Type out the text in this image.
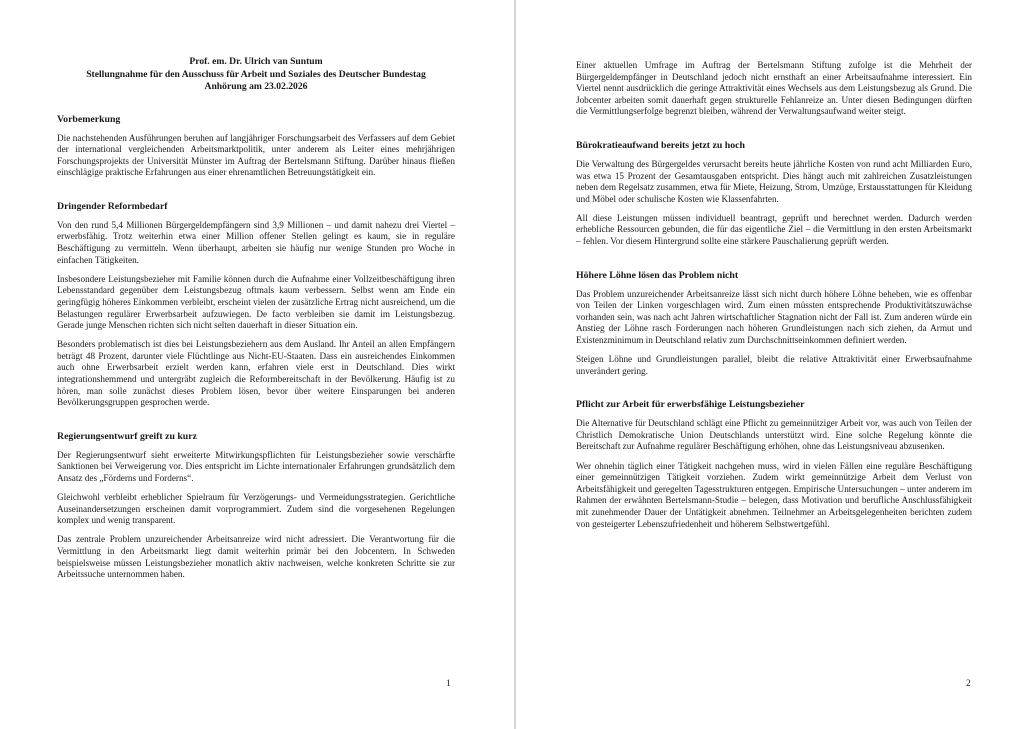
Prof. em. Dr. Ulrich van Suntum
Stellungnahme für den Ausschuss für Arbeit und Soziales des Deutscher Bundestag
Anhörung am 23.02.2026
Vorbemerkung

Die nachstehenden Ausführungen beruhen auf langjähriger Forschungsarbeit des Verfassers auf dem Gebiet der international vergleichenden Arbeitsmarktpolitik, unter anderem als Leiter eines mehrjährigen Forschungsprojekts der Universität Münster im Auftrag der Bertelsmann Stiftung. Darüber hinaus fließen einschlägige praktische Erfahrungen aus einer ehrenamtlichen Betreuungstätigkeit ein.

Dringender Reformbedarf

Von den rund 5,4 Millionen Bürgergeldempfängern sind 3,9 Millionen – und damit nahezu drei Viertel – erwerbsfähig. Trotz weiterhin etwa einer Million offener Stellen gelingt es kaum, sie in reguläre Beschäftigung zu vermitteln. Wenn überhaupt, arbeiten sie häufig nur wenige Stunden pro Woche in einfachen Tätigkeiten.

Insbesondere Leistungsbezieher mit Familie können durch die Aufnahme einer Vollzeitbeschäftigung ihren Lebensstandard gegenüber dem Leistungsbezug oftmals kaum verbessern. Selbst wenn am Ende ein geringfügig höheres Einkommen verbleibt, erscheint vielen der zusätzliche Ertrag nicht ausreichend, um die Belastungen regulärer Erwerbsarbeit aufzuwiegen. De facto verbleiben sie damit im Leistungsbezug. Gerade junge Menschen richten sich nicht selten dauerhaft in dieser Situation ein.

Besonders problematisch ist dies bei Leistungsbeziehern aus dem Ausland. Ihr Anteil an allen Empfängern beträgt 48 Prozent, darunter viele Flüchtlinge aus Nicht-EU-Staaten. Dass ein ausreichendes Einkommen auch ohne Erwerbsarbeit erzielt werden kann, erfahren viele erst in Deutschland. Dies wirkt integrationshemmend und untergräbt zugleich die Reformbereitschaft in der Bevölkerung. Häufig ist zu hören, man solle zunächst dieses Problem lösen, bevor über weitere Einsparungen bei anderen Bevölkerungsgruppen gesprochen werde.

Regierungsentwurf greift zu kurz

Der Regierungsentwurf sieht erweiterte Mitwirkungspflichten für Leistungsbezieher sowie verschärfte Sanktionen bei Verweigerung vor. Dies entspricht im Lichte internationaler Erfahrungen grundsätzlich dem Ansatz des „Förderns und Forderns“.

Gleichwohl verbleibt erheblicher Spielraum für Verzögerungs- und Vermeidungsstrategien. Gerichtliche Auseinandersetzungen erscheinen damit vorprogrammiert. Zudem sind die vorgesehenen Regelungen komplex und wenig transparent.

Das zentrale Problem unzureichender Arbeitsanreize wird nicht adressiert. Die Verantwortung für die Vermittlung in den Arbeitsmarkt liegt damit weiterhin primär bei den Jobcentern. In Schweden beispielsweise müssen Leistungsbezieher monatlich aktiv nachweisen, welche konkreten Schritte sie zur Arbeitssuche unternommen haben.

1

Einer aktuellen Umfrage im Auftrag der Bertelsmann Stiftung zufolge ist die Mehrheit der Bürgergeldempfänger in Deutschland jedoch nicht ernsthaft an einer Arbeitsaufnahme interessiert. Ein Viertel nennt ausdrücklich die geringe Attraktivität eines Wechsels aus dem Leistungsbezug als Grund. Die Jobcenter arbeiten somit dauerhaft gegen strukturelle Fehlanreize an. Unter diesen Bedingungen dürften die Vermittlungserfolge begrenzt bleiben, während der Verwaltungsaufwand weiter steigt.

Bürokratieaufwand bereits jetzt zu hoch

Die Verwaltung des Bürgergeldes verursacht bereits heute jährliche Kosten von rund acht Milliarden Euro, was etwa 15 Prozent der Gesamtausgaben entspricht. Dies hängt auch mit zahlreichen Zusatzleistungen neben dem Regelsatz zusammen, etwa für Miete, Heizung, Strom, Umzüge, Erstausstattungen für Kleidung und Möbel oder schulische Kosten wie Klassenfahrten.

All diese Leistungen müssen individuell beantragt, geprüft und berechnet werden. Dadurch werden erhebliche Ressourcen gebunden, die für das eigentliche Ziel – die Vermittlung in den ersten Arbeitsmarkt – fehlen. Vor diesem Hintergrund sollte eine stärkere Pauschalierung geprüft werden.

Höhere Löhne lösen das Problem nicht

Das Problem unzureichender Arbeitsanreize lässt sich nicht durch höhere Löhne beheben, wie es offenbar von Teilen der Linken vorgeschlagen wird. Zum einen müssten entsprechende Produktivitätszuwächse vorhanden sein, was nach acht Jahren wirtschaftlicher Stagnation nicht der Fall ist. Zum anderen würde ein Anstieg der Löhne rasch Forderungen nach höheren Grundleistungen nach sich ziehen, da Armut und Existenzminimum in Deutschland relativ zum Durchschnittseinkommen definiert werden.

Steigen Löhne und Grundleistungen parallel, bleibt die relative Attraktivität einer Erwerbsaufnahme unverändert gering.

Pflicht zur Arbeit für erwerbsfähige Leistungsbezieher

Die Alternative für Deutschland schlägt eine Pflicht zu gemeinnütziger Arbeit vor, was auch von Teilen der Christlich Demokratische Union Deutschlands unterstützt wird. Eine solche Regelung könnte die Bereitschaft zur Aufnahme regulärer Beschäftigung erhöhen, ohne das Leistungsniveau abzusenken.

Wer ohnehin täglich einer Tätigkeit nachgehen muss, wird in vielen Fällen eine reguläre Beschäftigung einer gemeinnützigen Tätigkeit vorziehen. Zudem wirkt gemeinnützige Arbeit dem Verlust von Arbeitsfähigkeit und geregelten Tagesstrukturen entgegen. Empirische Untersuchungen – unter anderem im Rahmen der erwähnten Bertelsmann-Studie – belegen, dass Motivation und berufliche Anschlussfähigkeit mit zunehmender Dauer der Untätigkeit abnehmen. Teilnehmer an Arbeitsgelegenheiten berichten zudem von gesteigerter Lebenszufriedenheit und höherem Selbstwertgefühl.

2
